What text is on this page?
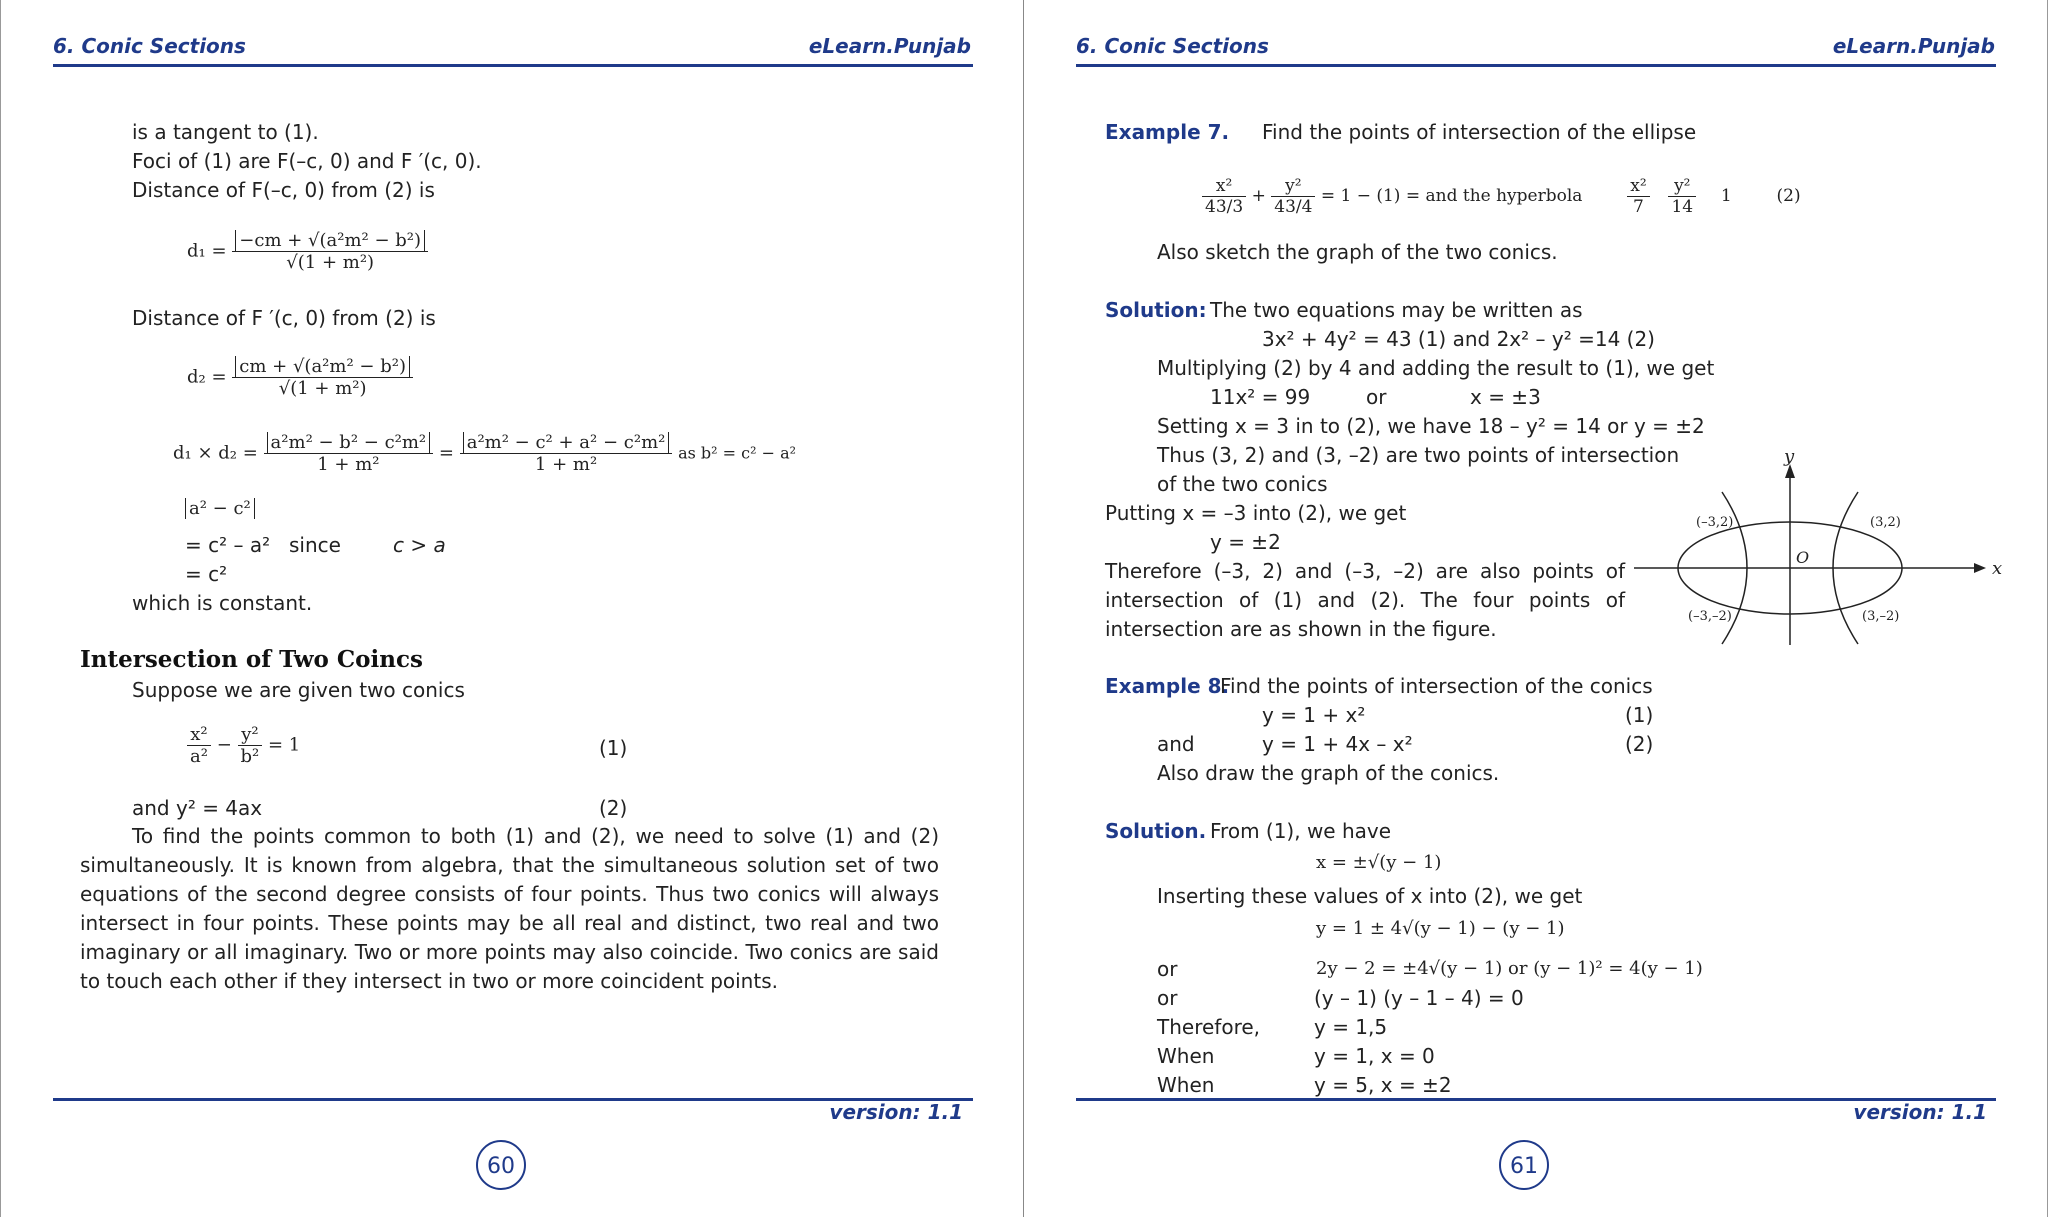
6. Conic Sections	eLearn.Punjab
is a tangent to (1).
Foci of (1) are F(–c, 0) and F ′(c, 0).
Distance of F(–c, 0) from (2) is
$d_1 = \frac{\text{−cm + √(a²m² − b²)}}{\text{√(1 + m²)}}$
Distance of F ′(c, 0) from (2) is
$d_2 = \frac{\text{cm + √(a²m² − b²)}}{\text{√(1 + m²)}}$
$d_1 \times d_2 = \frac{\text{a²m² − b² − c²m²}}{\text{1 + m²}} = \frac{\text{a²m² − c² + a² − c²m²}}{\text{1 + m²}}$ as b² = c² − a²
a² − c²
= c² – a² since	c > a
= c²
which is constant.
Intersection of Two Coincs
Suppose we are given two conics
$\frac{\text{x²}}{\text{a²}} - \frac{\text{y²}}{\text{b²}} = 1$	(1)
and y² = 4ax	(2)
To find the points common to both (1) and (2), we need to solve (1) and (2) simultaneously. It is known from algebra, that the simultaneous solution set of two equations of the second degree consists of four points. Thus two conics will always intersect in four points. These points may be all real and distinct, two real and two imaginary or all imaginary. Two or more points may also coincide. Two conics are said to touch each other if they intersect in two or more coincident points.
version: 1.1
60
6. Conic Sections	eLearn.Punjab
Example 7. Find the points of intersection of the ellipse
$\frac{\text{x²}}{43/3} + \frac{\text{y²}}{43/4} = 1 - (1)$ = and the hyperbola	$\frac{\text{x²}}{7}$
$\frac{\text{y²}}{14} 1$	(2)
Also sketch the graph of the two conics.
Solution: The two equations may be written as
3x² + 4y² = 43 (1) and 2x² – y² =14 (2)
Multiplying (2) by 4 and adding the result to (1), we get
11x² = 99	or	x = ±3
Setting x = 3 in to (2), we have 18 – y² = 14 or y = ±2
Thus (3, 2) and (3, –2) are two points of intersection
of the two conics
Putting x = –3 into (2), we get
y = ±2
Therefore (–3, 2) and (–3, –2) are also points of intersection of (1) and (2). The four points of intersection are as shown in the figure.
y
x
O
(–3,2)	(3,2)
(–3,–2)	(3,–2)
Example 8.
Find the points of intersection of the conics
y = 1 + x²	(1)
and	y = 1 + 4x – x²	(2)
Also draw the graph of the conics.
Solution. From (1), we have
x = ±√(y − 1)
Inserting these values of x into (2), we get
y = 1 ± 4√(y − 1) − (y − 1)
or	2y − 2 = ±4√(y − 1) or (y − 1)² = 4(y − 1)
or	(y – 1) (y – 1 – 4) = 0
Therefore,	y = 1,5
When	y = 1, x = 0
When	y = 5, x = ±2
version: 1.1
61
